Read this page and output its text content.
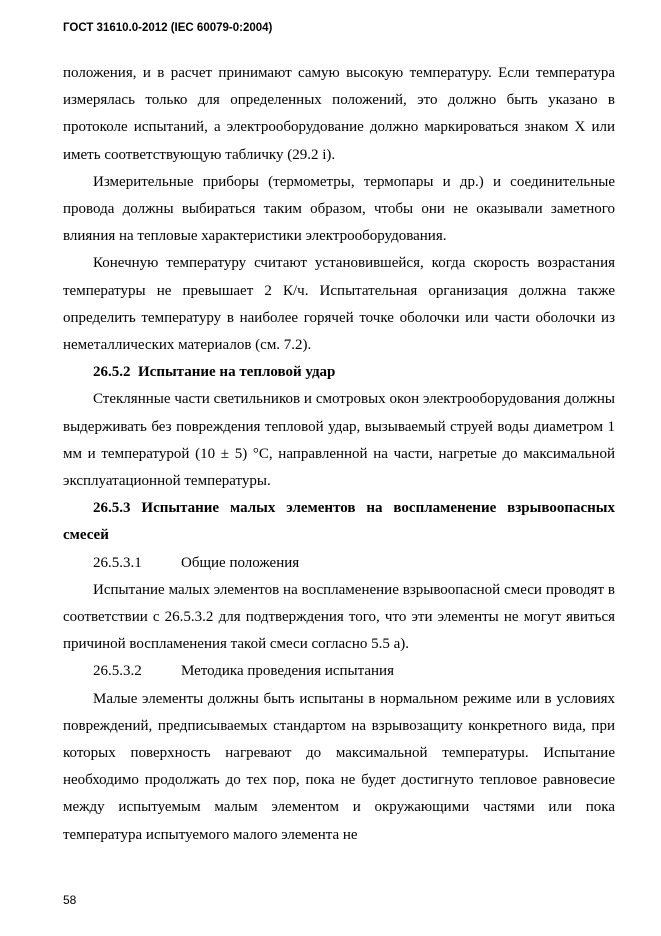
ГОСТ 31610.0-2012 (IEC 60079-0:2004)

положения, и в расчет принимают самую высокую температуру. Если температура измерялась только для определенных положений, это должно быть указано в протоколе испытаний, а электрооборудование должно маркироваться знаком X или иметь соответствующую табличку (29.2 i).

Измерительные приборы (термометры, термопары и др.) и соединительные провода должны выбираться таким образом, чтобы они не оказывали заметного влияния на тепловые характеристики электрооборудования.

Конечную температуру считают установившейся, когда скорость возрастания температуры не превышает 2 К/ч. Испытательная организация должна также определить температуру в наиболее горячей точке оболочки или части оболочки из неметаллических материалов (см. 7.2).

26.5.2  Испытание на тепловой удар

Стеклянные части светильников и смотровых окон электрооборудования должны выдерживать без повреждения тепловой удар, вызываемый струей воды диаметром 1 мм и температурой (10 ± 5) °С, направленной на части, нагретые до максимальной эксплуатационной температуры.

26.5.3 Испытание малых элементов на воспламенение взрывоопасных смесей

26.5.3.1	Общие положения

Испытание малых элементов на воспламенение взрывоопасной смеси проводят в соответствии с 26.5.3.2 для подтверждения того, что эти элементы не могут явиться причиной воспламенения такой смеси согласно 5.5 а).

26.5.3.2	Методика проведения испытания

Малые элементы должны быть испытаны в нормальном режиме или в условиях повреждений, предписываемых стандартом на взрывозащиту конкретного вида, при которых поверхность нагревают до максимальной температуры. Испытание необходимо продолжать до тех пор, пока не будет достигнуто тепловое равновесие между испытуемым малым элементом и окружающими частями или пока температура испытуемого малого элемента не

58
